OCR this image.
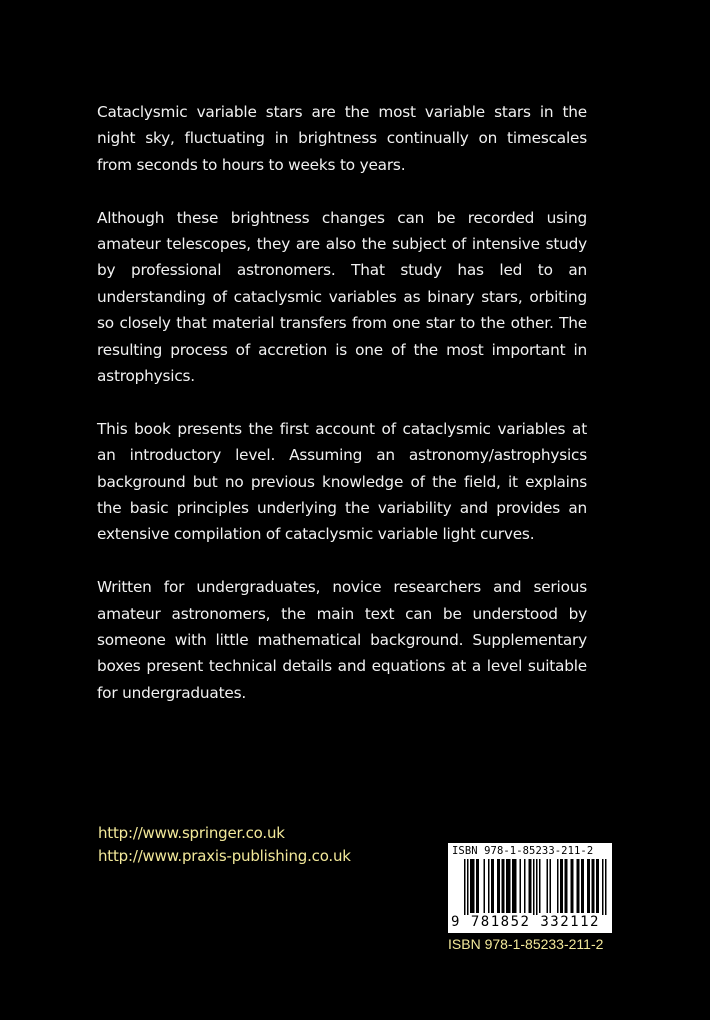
Cataclysmic variable stars are the most variable stars in the night sky, fluctuating in brightness continually on timescales from seconds to hours to weeks to years.

Although these brightness changes can be recorded using amateur telescopes, they are also the subject of intensive study by professional astronomers. That study has led to an understanding of cataclysmic variables as binary stars, orbiting so closely that material transfers from one star to the other. The resulting process of accretion is one of the most important in astrophysics.

This book presents the first account of cataclysmic variables at an introductory level. Assuming an astronomy/astrophysics background but no previous knowledge of the field, it explains the basic principles underlying the variability and provides an extensive compilation of cataclysmic variable light curves.

Written for undergraduates, novice researchers and serious amateur astronomers, the main text can be understood by someone with little mathematical background. Supplementary boxes present technical details and equations at a level suitable for undergraduates.

http://www.springer.co.uk
http://www.praxis-publishing.co.uk	ISBN 978-1-85233-211-2
9 781852 332112
ISBN 978-1-85233-211-2
